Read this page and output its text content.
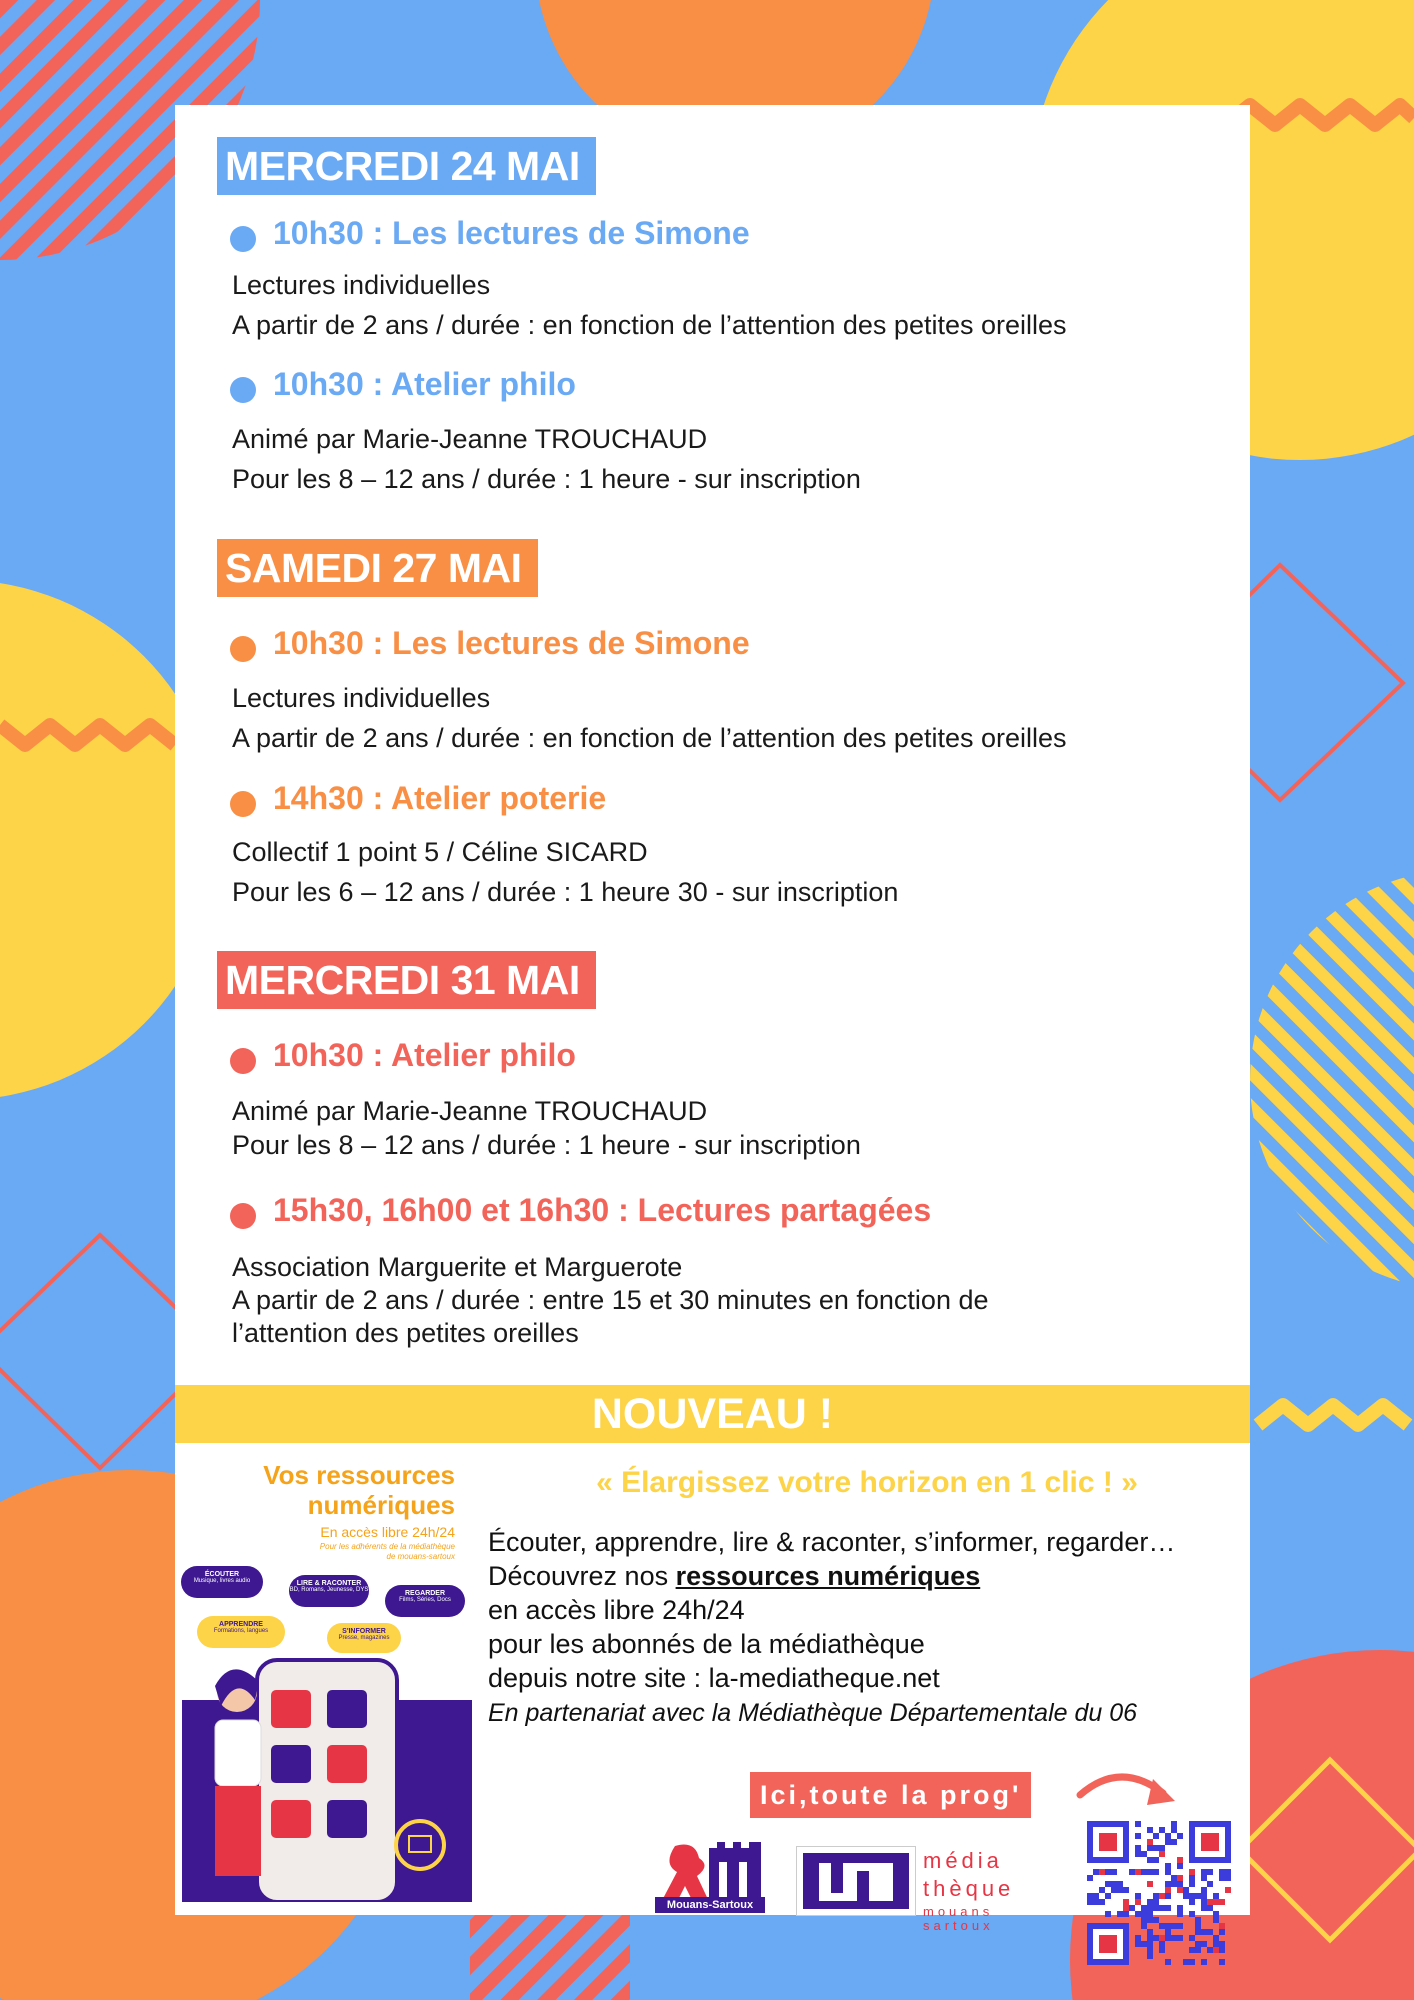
MERCREDI 24 MAI
10h30 : Les lectures de Simone
Lectures individuelles
A partir de 2 ans / durée : en fonction de l’attention des petites oreilles
10h30 : Atelier philo
Animé par Marie-Jeanne TROUCHAUD
Pour les 8 – 12 ans / durée : 1 heure - sur inscription
SAMEDI 27 MAI
10h30 : Les lectures de Simone
Lectures individuelles
A partir de 2 ans / durée : en fonction de l’attention des petites oreilles
14h30 : Atelier poterie
Collectif 1 point 5 / Céline SICARD
Pour les 6 – 12 ans / durée : 1 heure 30 - sur inscription
MERCREDI 31 MAI
10h30 : Atelier philo
Animé par Marie-Jeanne TROUCHAUD
Pour les 8 – 12 ans / durée : 1 heure - sur inscription
15h30, 16h00 et 16h30 : Lectures partagées
Association Marguerite et Marguerote
A partir de 2 ans / durée : entre 15 et 30 minutes en fonction de
l’attention des petites oreilles
NOUVEAU !
Vos ressources
numériques
En accès libre 24h/24
Pour les adhérents de la médiathèque
de mouans-sartoux
ÉCOUTER
Musique, livres audio	LIRE & RACONTER
BD, Romans, Jeunesse, DYS	REGARDER
Films, Séries, Docs
APPRENDRE
Formations, langues	S'INFORMER
Presse, magazines
« Élargissez votre horizon en 1 clic ! »
Écouter, apprendre, lire & raconter, s’informer, regarder…
Découvrez nos ressources numériques
en accès libre 24h/24
pour les abonnés de la médiathèque
depuis notre site : la-mediatheque.net
En partenariat avec la Médiathèque Départementale du 06
Ici,toute la prog'
Mouans-Sartoux
média
thèque
mouans
sartoux
